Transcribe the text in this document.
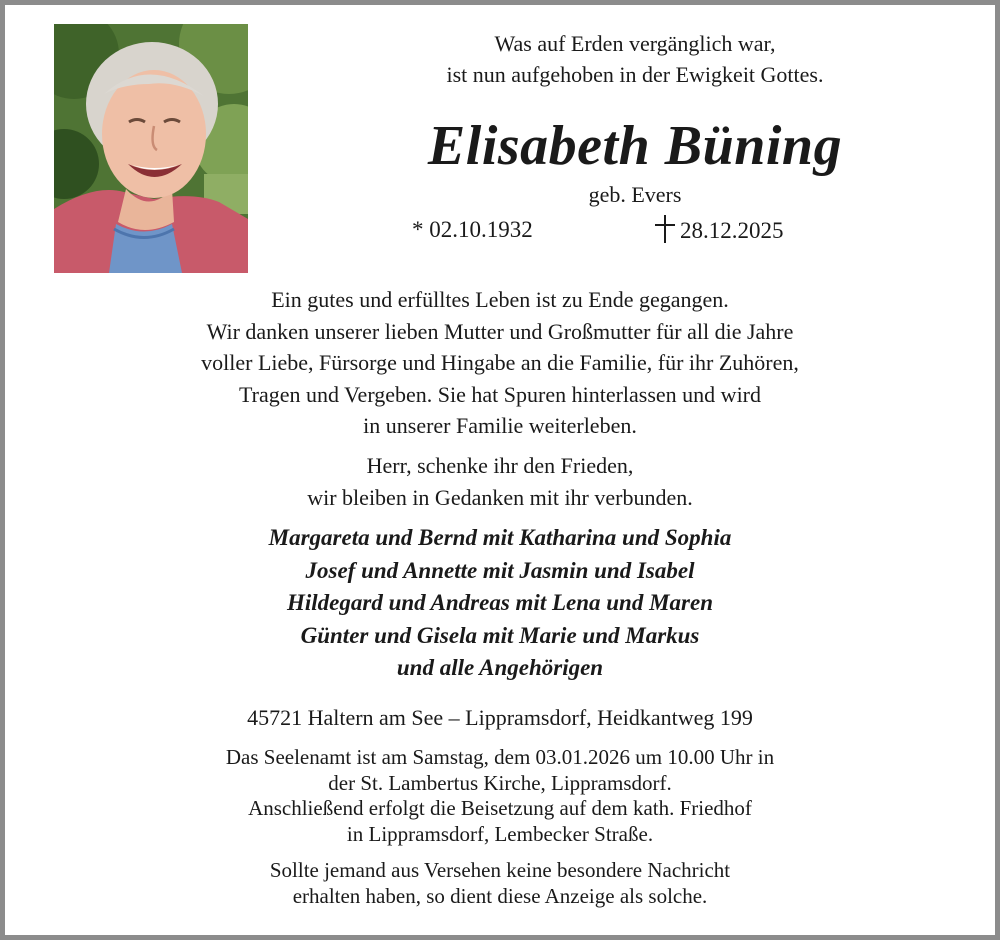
Was auf Erden vergänglich war,
ist nun aufgehoben in der Ewigkeit Gottes.
Elisabeth Büning
geb. Evers
* 02.10.1932	28.12.2025
Ein gutes und erfülltes Leben ist zu Ende gegangen.
Wir danken unserer lieben Mutter und Großmutter für all die Jahre
voller Liebe, Fürsorge und Hingabe an die Familie, für ihr Zuhören,
Tragen und Vergeben. Sie hat Spuren hinterlassen und wird
in unserer Familie weiterleben.
Herr, schenke ihr den Frieden,
wir bleiben in Gedanken mit ihr verbunden.
Margareta und Bernd mit Katharina und Sophia
Josef und Annette mit Jasmin und Isabel
Hildegard und Andreas mit Lena und Maren
Günter und Gisela mit Marie und Markus
und alle Angehörigen
45721 Haltern am See – Lippramsdorf, Heidkantweg 199
Das Seelenamt ist am Samstag, dem 03.01.2026 um 10.00 Uhr in
der St. Lambertus Kirche, Lippramsdorf.
Anschließend erfolgt die Beisetzung auf dem kath. Friedhof
in Lippramsdorf, Lembecker Straße.
Sollte jemand aus Versehen keine besondere Nachricht
erhalten haben, so dient diese Anzeige als solche.
